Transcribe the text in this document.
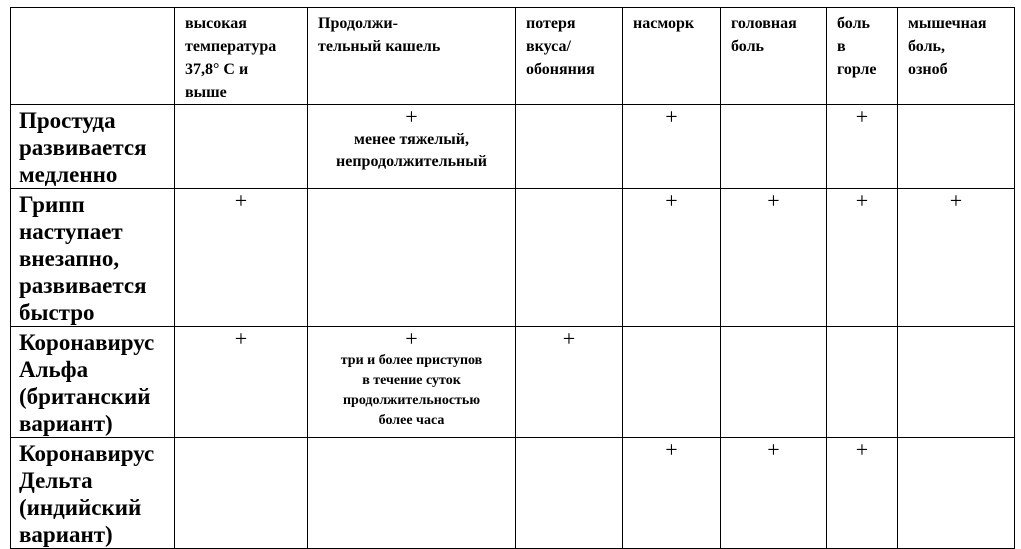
	высокая
температура
37,8° С и
выше	Продолжи-
тельный кашель	потеря
вкуса/
обоняния	насморк	головная
боль	боль
в
горле	мышечная
боль,
озноб

Простуда
развивается
медленно		+
менее тяжелый,
непродолжительный		+		+	

Грипп
наступает
внезапно,
развивается
быстро	+			+	+	+	+

Коронавирус
Альфа
(британский
вариант)	+	+
три и более приступов
в течение суток
продолжительностью
более часа	+				

Коронавирус
Дельта
(индийский
вариант)				+	+	+	
